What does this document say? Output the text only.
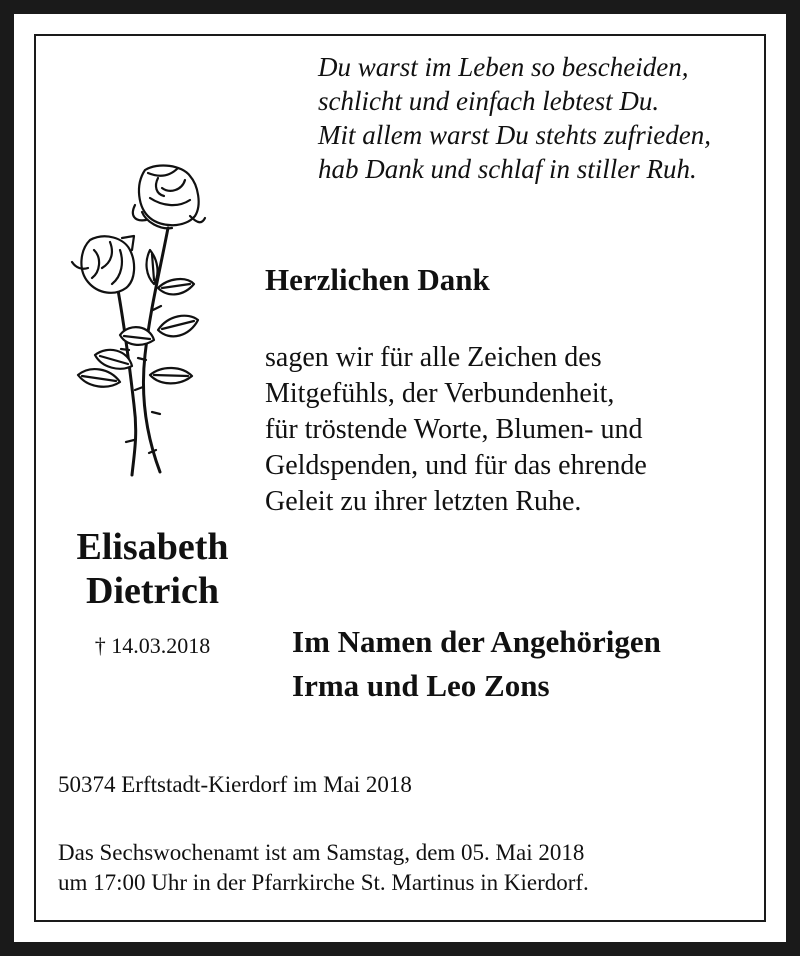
Du warst im Leben so bescheiden,
schlicht und einfach lebtest Du.
Mit allem warst Du stehts zufrieden,
hab Dank und schlaf in stiller Ruh.
Herzlichen Dank
sagen wir für alle Zeichen des
Mitgefühls, der Verbundenheit,
für tröstende Worte, Blumen- und
Geldspenden, und für das ehrende
Geleit zu ihrer letzten Ruhe.
Elisabeth
Dietrich
† 14.03.2018	Im Namen der Angehörigen
Irma und Leo Zons
50374 Erftstadt-Kierdorf im Mai 2018
Das Sechswochenamt ist am Samstag, dem 05. Mai 2018
um 17:00 Uhr in der Pfarrkirche St. Martinus in Kierdorf.
